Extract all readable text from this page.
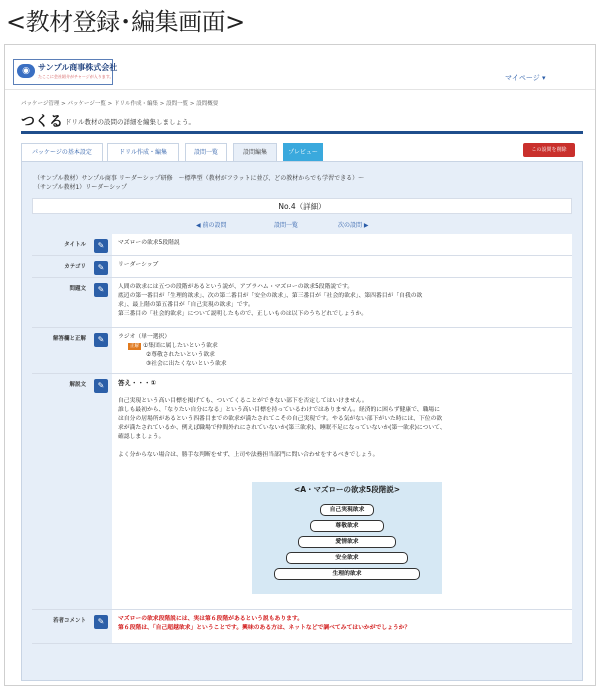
<教材登録･編集画面>
◉	サンプル商事株式会社
たここに会社紹介がチャージが入ります。	マイページ ▾
パッケージ管理 > パッケージ一覧 > ドリル作成・編集 > 設問一覧 > 設問概要
つくる ドリル教材の設問の詳細を編集しましょう。
パッケージの基本設定	ドリル作成・編集	設問一覧	設問編集	プレビュー	この設問を削除
（サンプル教材）サンプル商事 リーダーシップ研修　〜標準型（教材がフラットに並び、どの教材からでも学習できる）〜
（サンプル教材1）リーダーシップ
No.4（詳細）
◀ 前の設問	設問一覧	次の設問 ▶
タイトル	✎	マズローの欲求5段階説
カテゴリ	✎	リーダーシップ
問題文	✎	人間の欲求には五つの段階があるという説が、アブラハム・マズローの欲求5段階説です。
底辺の第一番目が「生理的欲求」、次の第二番目が「安全の欲求」、第三番目が「社会的欲求」、第四番目が「自我の欲
求」、最上階の第五番目が「自己実現の欲求」です。
第三番目の「社会的欲求」について説明したもので、正しいものは以下のうちどれでしょうか。
解答欄と正解	✎	ラジオ（単一選択）
正解 ①集団に属したいという欲求
②尊敬されたいという欲求
③社会に出たくないという欲求
解説文	✎	答え・・・①
自己実現という高い目標を掲げても、ついてくることができない部下を否定してはいけません。
誰しも最初から、「なりたい自分になる」という高い目標を持っているわけではありません。経済的に困らず健康で、職場に
は自分の居場所があるという四番目までの欲求が満たされてこその自己実現です。やる気がない部下がいた時には、下位の欲
求が満たされているか、例えば職場で仲間外れにされていないか(第三欲求)、睡眠不足になっていないか(第一欲求)について、
確認しましょう。
よく分からない場合は、勝手な判断をせず、上司や法務担当部門に問い合わせをするべきでしょう。
<A・マズローの欲求5段階説>
自己実現欲求
尊敬欲求
愛情欲求
安全欲求
生理的欲求
若者コメント	✎	マズローの欲求段階説には、実は第６段階があるという説もあります。
第６段階は、「自己超越欲求」ということです。興味のある方は、ネットなどで調べてみてはいかがでしょうか？
